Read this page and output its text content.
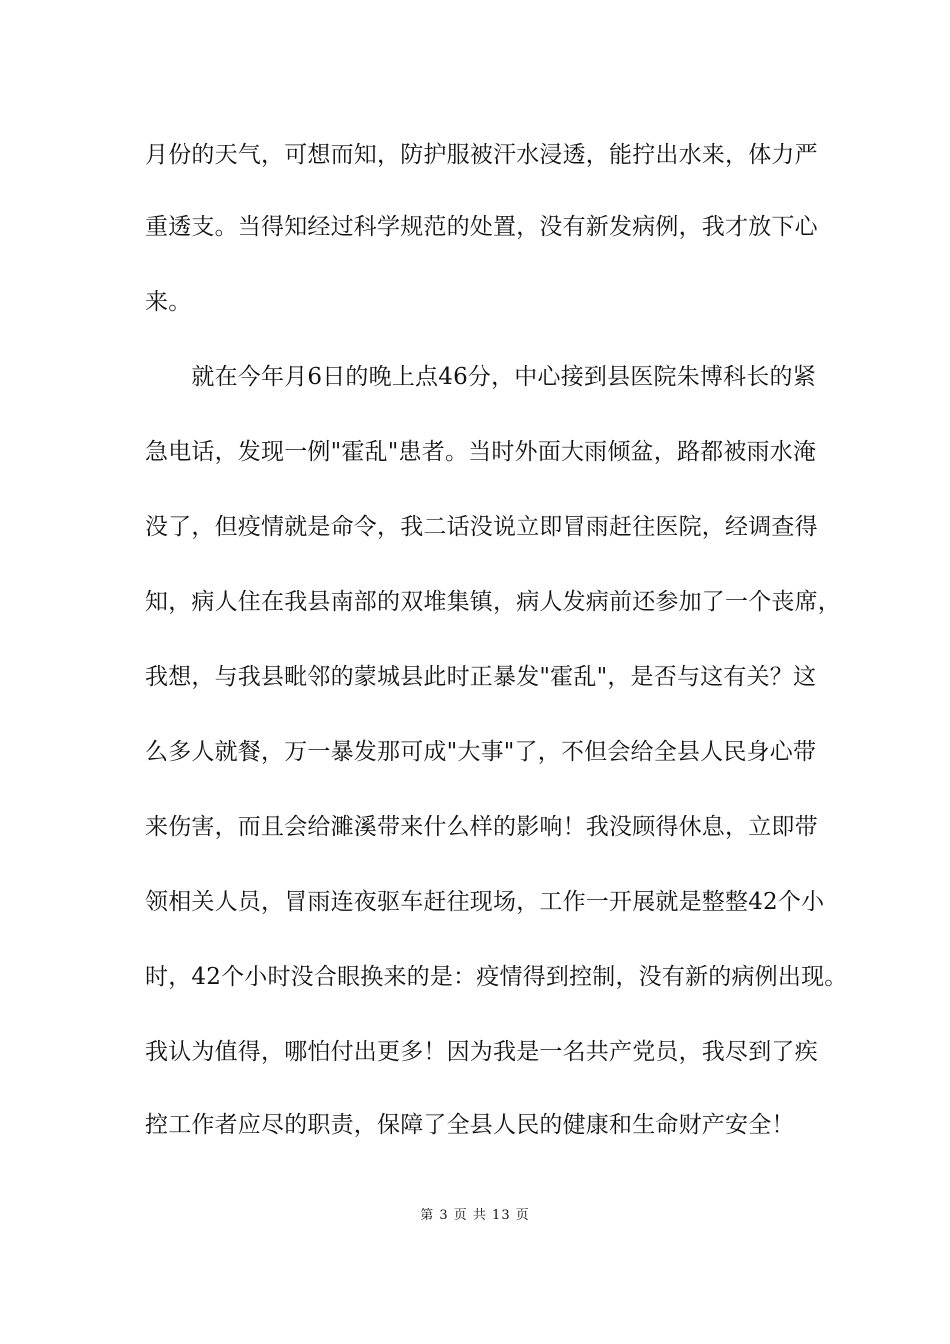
月份的天气，可想而知，防护服被汗水浸透，能拧出水来，体力严
重透支。当得知经过科学规范的处置，没有新发病例，我才放下心
来。
　　就在今年月6日的晚上点46分，中心接到县医院朱博科长的紧
急电话，发现一例"霍乱"患者。当时外面大雨倾盆，路都被雨水淹
没了，但疫情就是命令，我二话没说立即冒雨赶往医院，经调查得
知，病人住在我县南部的双堆集镇，病人发病前还参加了一个丧席，
我想，与我县毗邻的蒙城县此时正暴发"霍乱"，是否与这有关？这
么多人就餐，万一暴发那可成"大事"了，不但会给全县人民身心带
来伤害，而且会给濉溪带来什么样的影响！我没顾得休息，立即带
领相关人员，冒雨连夜驱车赶往现场，工作一开展就是整整42个小
时，42个小时没合眼换来的是：疫情得到控制，没有新的病例出现。
我认为值得，哪怕付出更多！因为我是一名共产党员，我尽到了疾
控工作者应尽的职责，保障了全县人民的健康和生命财产安全！
第 3 页 共 13 页
